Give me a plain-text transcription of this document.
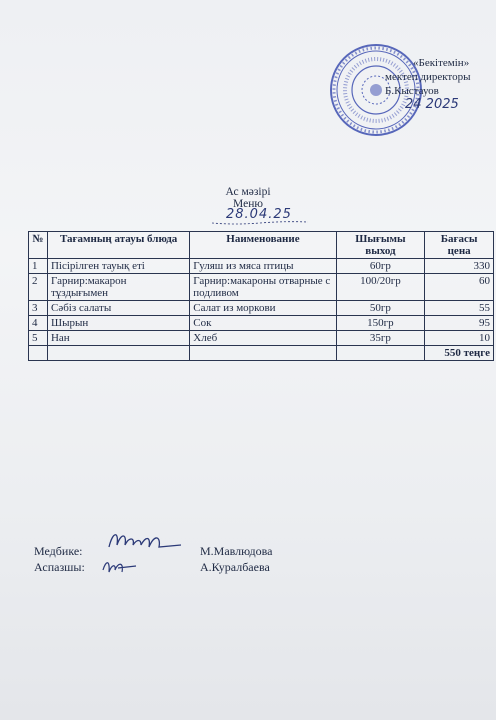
«Бекітемін»
мектеп директоры
Б.Кыстауов
24 2025
Ас мәзірі
Меню
28.04.25
№	Тағамның атауы блюда	Наименование	Шығымы выход	Бағасы цена
1	Пісірілген тауық еті	Гуляш из мяса птицы	60гр	330
2	Гарнир:макарон тұздығымен	Гарнир:макароны отварные с подливом	100/20гр	60
3	Сәбіз салаты	Салат из моркови	50гр	55
4	Шырын	Сок	150гр	95
5	Нан	Хлеб	35гр	10
				550 теңге
Медбике:	М.Мавлюдова
Аспазшы:	А.Куралбаева
